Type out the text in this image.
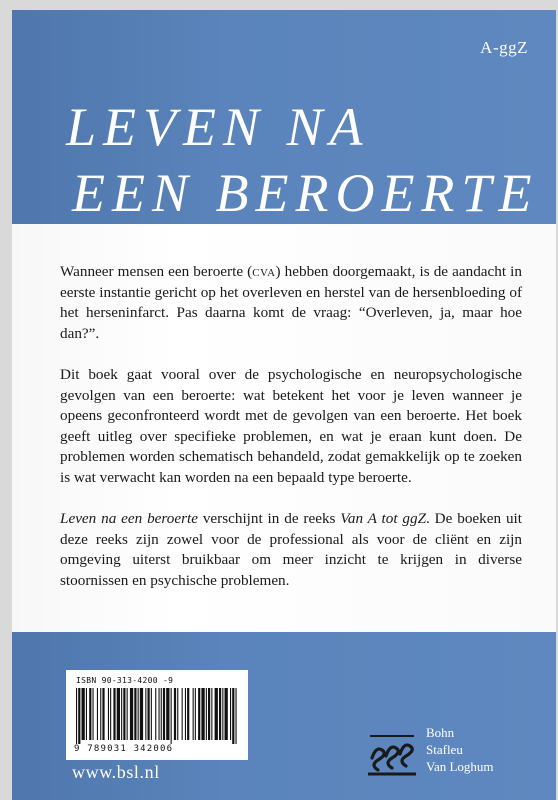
A-ggZ
LEVEN NA
EEN BEROERTE

Wanneer mensen een beroerte (cva) hebben doorgemaakt, is de aandacht in eerste instantie gericht op het overleven en herstel van de hersenbloeding of het herseninfarct. Pas daarna komt de vraag: “Overleven, ja, maar hoe dan?”.

Dit boek gaat vooral over de psychologische en neuropsychologische gevolgen van een beroerte: wat betekent het voor je leven wanneer je opeens geconfronteerd wordt met de gevolgen van een beroerte. Het boek geeft uitleg over specifieke problemen, en wat je eraan kunt doen. De problemen worden schematisch behandeld, zodat gemakkelijk op te zoeken is wat verwacht kan worden na een bepaald type beroerte.

Leven na een beroerte verschijnt in de reeks Van A tot ggZ. De boeken uit deze reeks zijn zowel voor de professional als voor de cliënt en zijn omgeving uiterst bruikbaar om meer inzicht te krijgen in diverse stoornissen en psychische problemen.

ISBN 90-313-4200 -9
9 789031 342006
www.bsl.nl
Bohn
Stafleu
Van Loghum
